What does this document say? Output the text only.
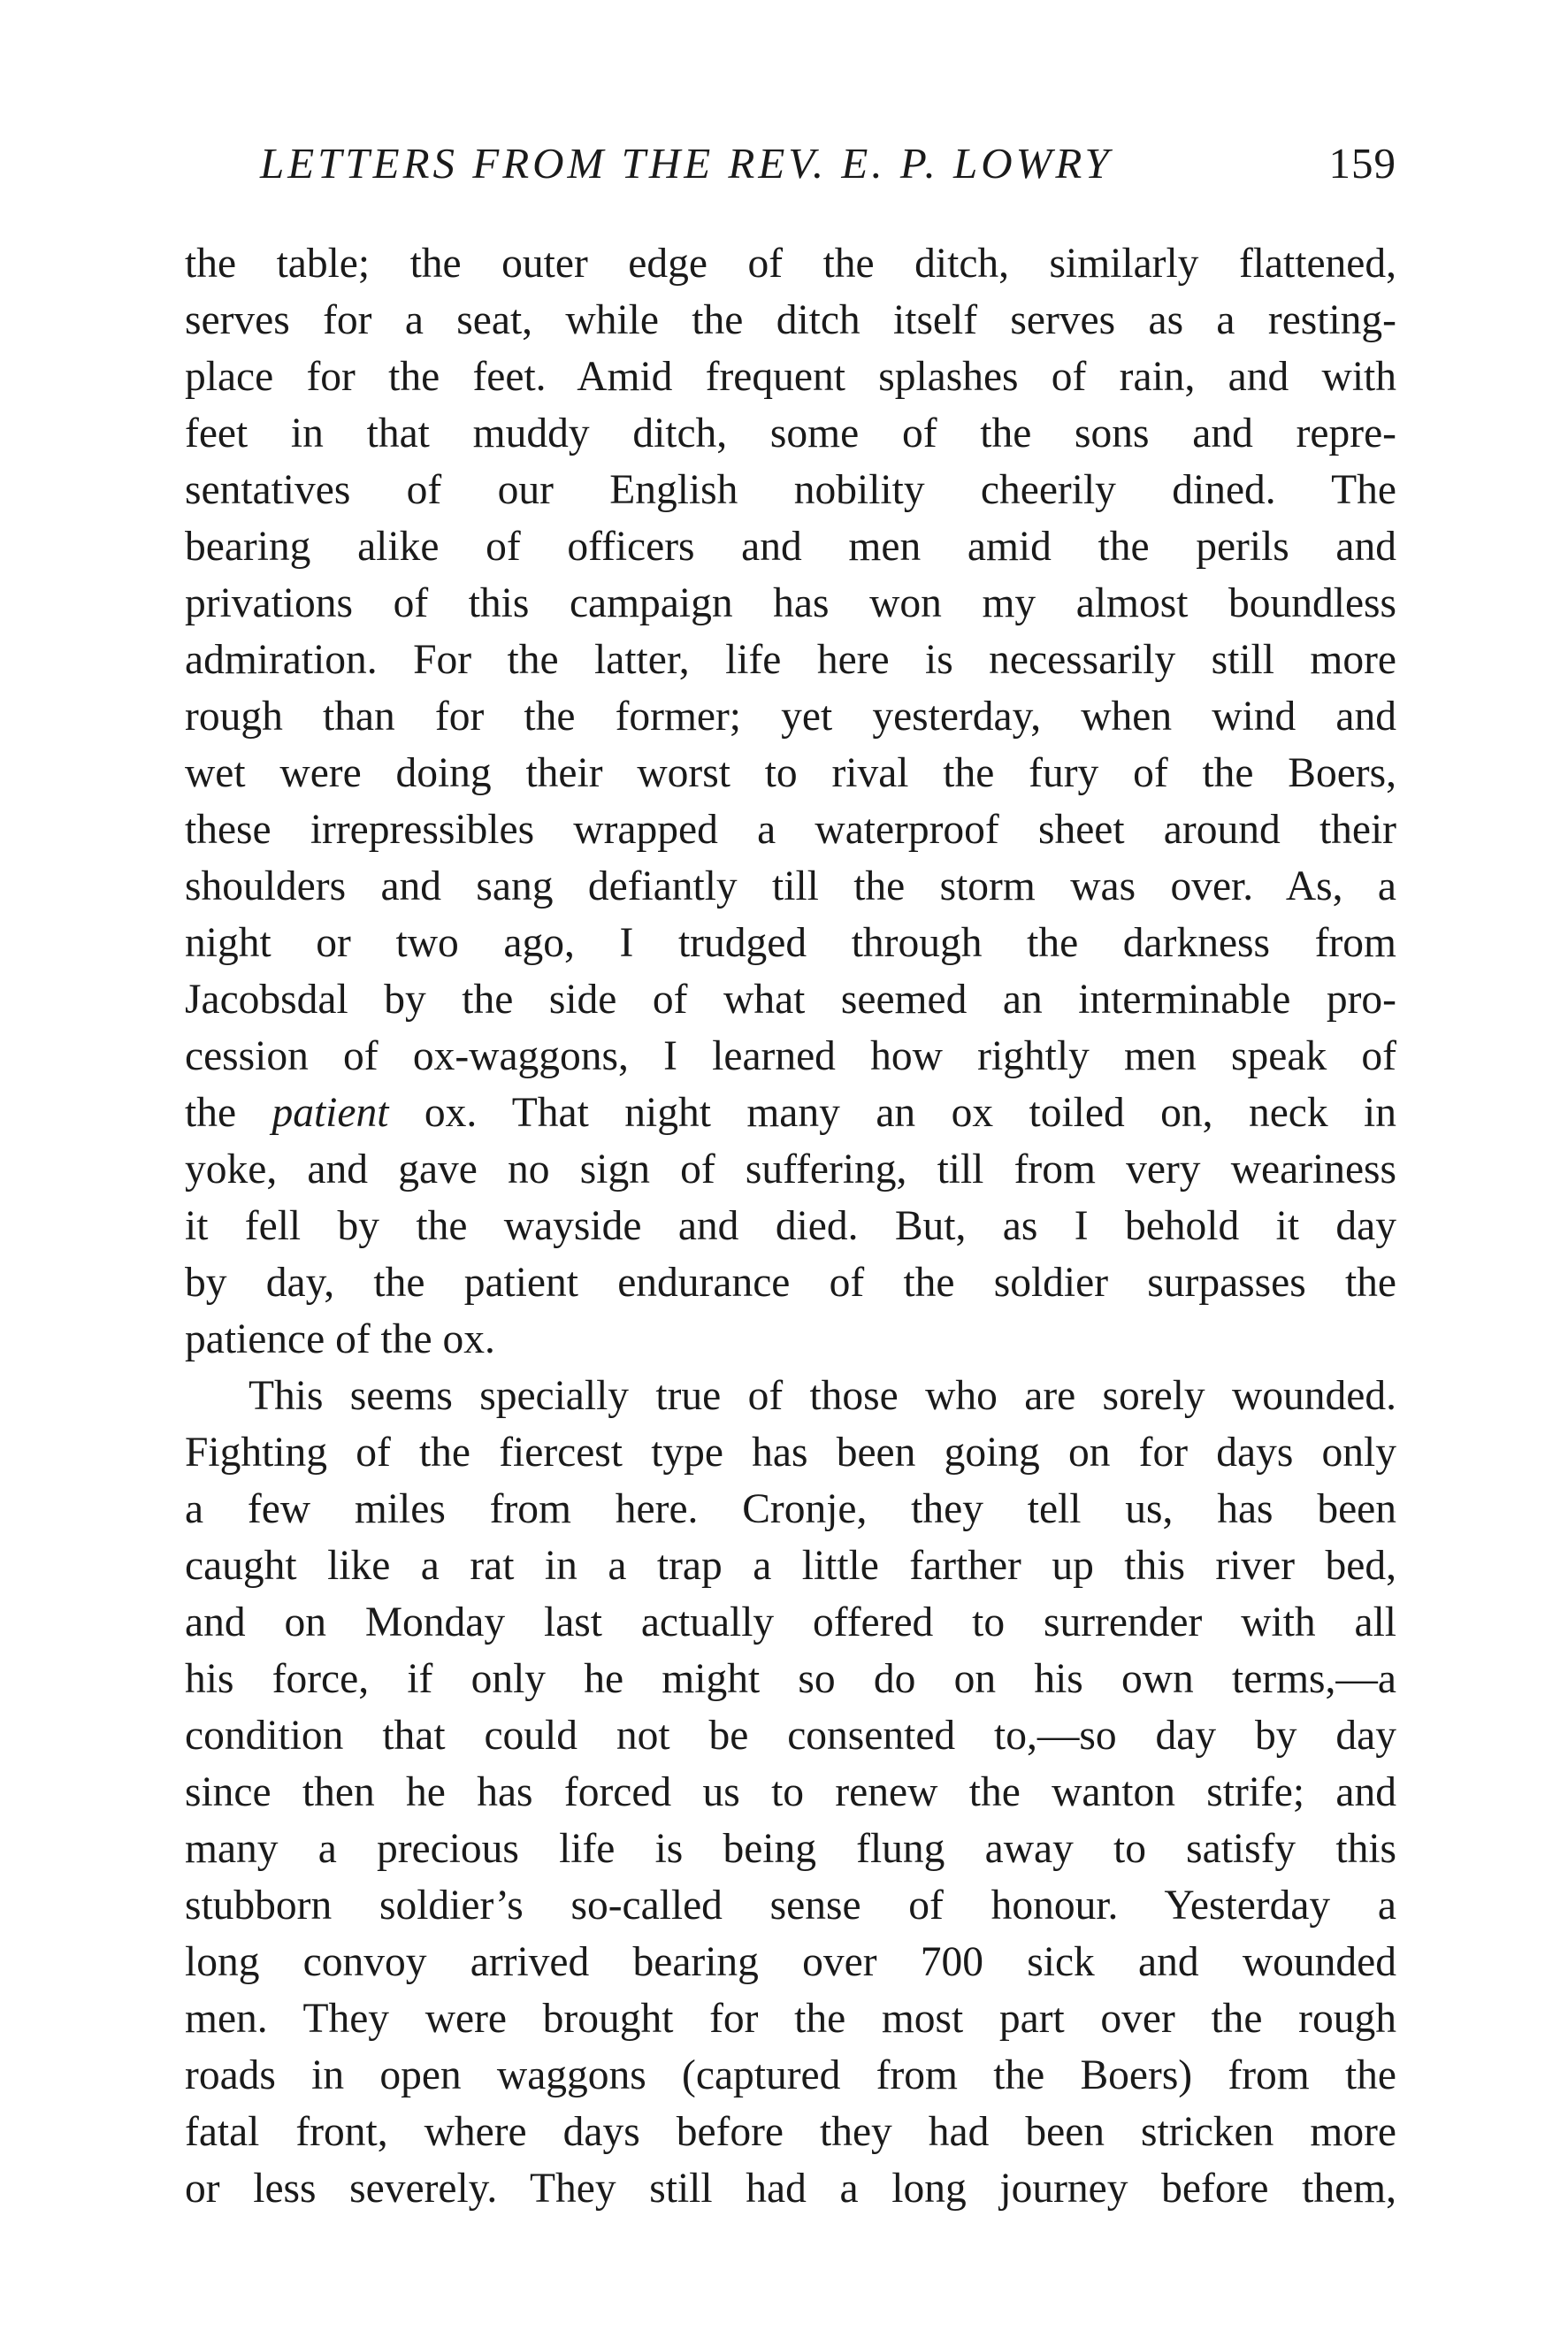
LETTERS FROM THE REV. E. P. LOWRY	159
the table; the outer edge of the ditch, similarly flattened,
serves for a seat, while the ditch itself serves as a resting-
place for the feet. Amid frequent splashes of rain, and with
feet in that muddy ditch, some of the sons and repre-
sentatives of our English nobility cheerily dined. The
bearing alike of officers and men amid the perils and
privations of this campaign has won my almost boundless
admiration. For the latter, life here is necessarily still more
rough than for the former; yet yesterday, when wind and
wet were doing their worst to rival the fury of the Boers,
these irrepressibles wrapped a waterproof sheet around their
shoulders and sang defiantly till the storm was over. As, a
night or two ago, I trudged through the darkness from
Jacobsdal by the side of what seemed an interminable pro-
cession of ox-waggons, I learned how rightly men speak of
the patient ox. That night many an ox toiled on, neck in
yoke, and gave no sign of suffering, till from very weariness
it fell by the wayside and died. But, as I behold it day
by day, the patient endurance of the soldier surpasses the
patience of the ox.
This seems specially true of those who are sorely wounded.
Fighting of the fiercest type has been going on for days only
a few miles from here. Cronje, they tell us, has been
caught like a rat in a trap a little farther up this river bed,
and on Monday last actually offered to surrender with all
his force, if only he might so do on his own terms,—a
condition that could not be consented to,—so day by day
since then he has forced us to renew the wanton strife; and
many a precious life is being flung away to satisfy this
stubborn soldier’s so-called sense of honour. Yesterday a
long convoy arrived bearing over 700 sick and wounded
men. They were brought for the most part over the rough
roads in open waggons (captured from the Boers) from the
fatal front, where days before they had been stricken more
or less severely. They still had a long journey before them,
